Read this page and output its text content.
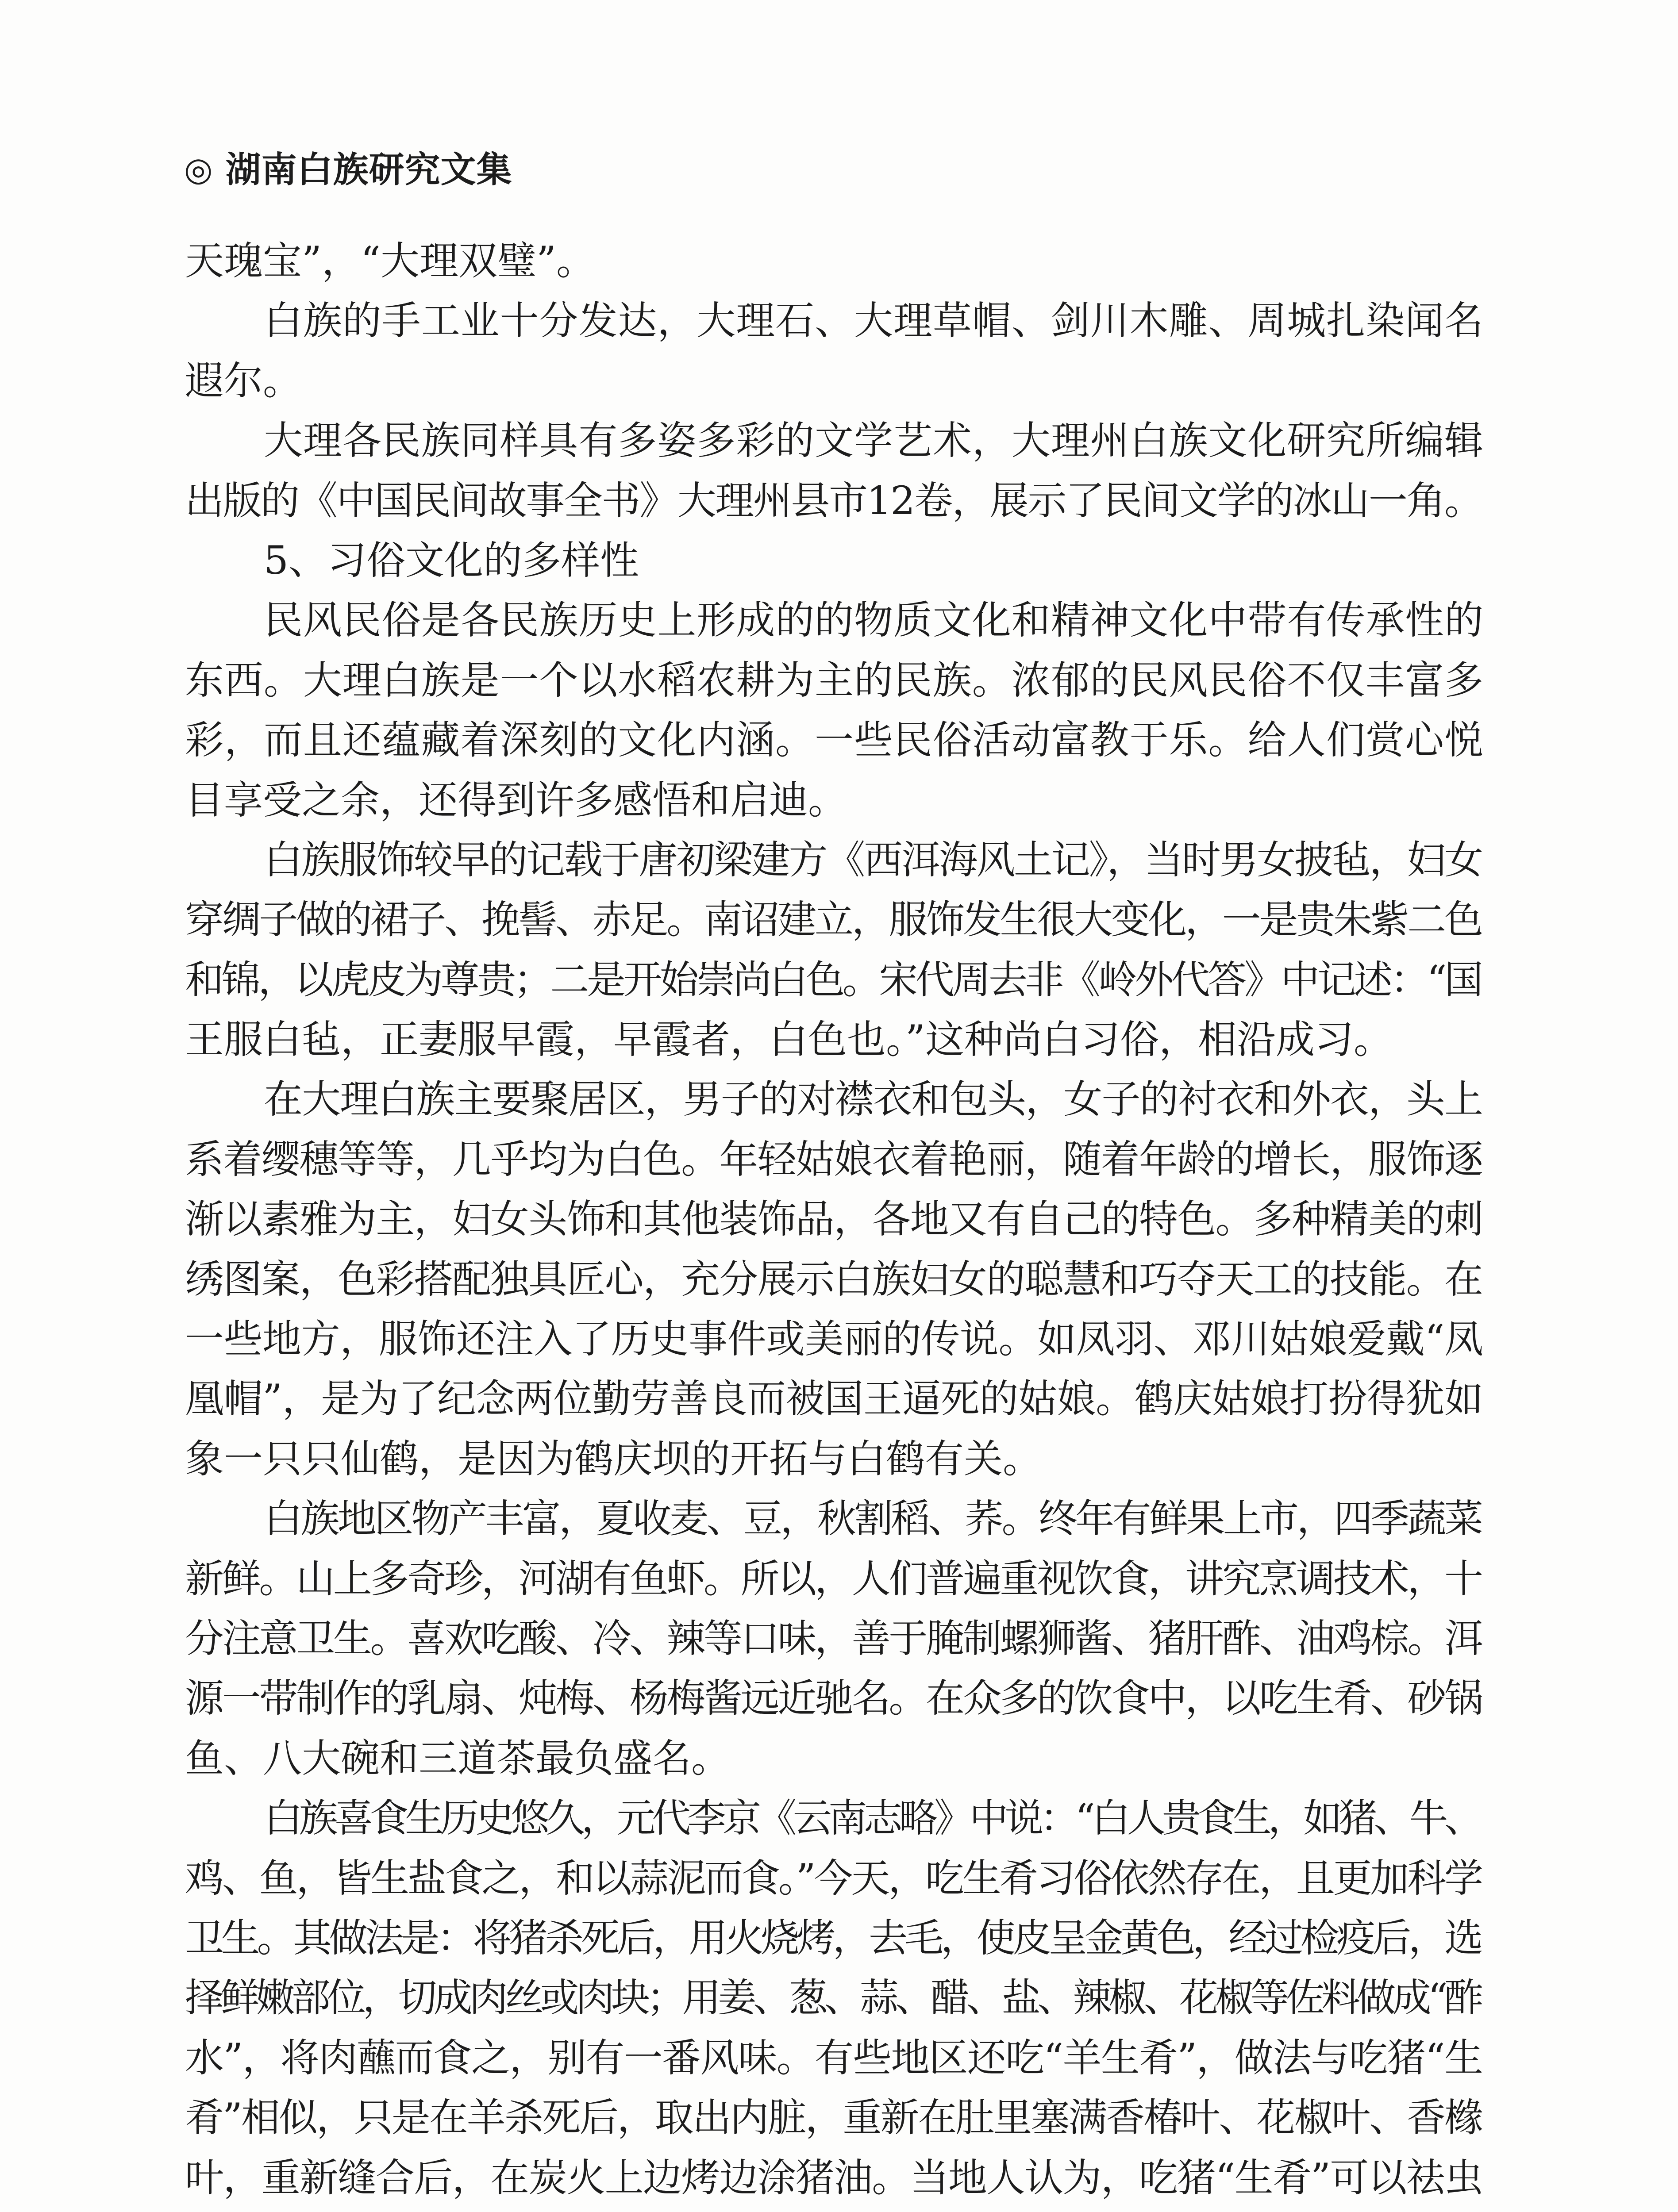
◎ 湖南白族研究文集
天瑰宝”，“大理双璧”。
白族的手工业十分发达，大理石、大理草帽、剑川木雕、周城扎染闻名
遐尔。
大理各民族同样具有多姿多彩的文学艺术，大理州白族文化研究所编辑
出版的《中国民间故事全书》大理州县市12卷，展示了民间文学的冰山一角。
5、习俗文化的多样性
民风民俗是各民族历史上形成的的物质文化和精神文化中带有传承性的
东西。大理白族是一个以水稻农耕为主的民族。浓郁的民风民俗不仅丰富多
彩，而且还蕴藏着深刻的文化内涵。一些民俗活动富教于乐。给人们赏心悦
目享受之余，还得到许多感悟和启迪。
白族服饰较早的记载于唐初梁建方《西洱海风土记》，当时男女披毡，妇女
穿绸子做的裙子、挽髻、赤足。南诏建立，服饰发生很大变化，一是贵朱紫二色
和锦，以虎皮为尊贵；二是开始崇尚白色。宋代周去非《岭外代答》中记述：“国
王服白毡，正妻服早霞，早霞者，白色也。”这种尚白习俗，相沿成习。
在大理白族主要聚居区，男子的对襟衣和包头，女子的衬衣和外衣，头上
系着缨穗等等，几乎均为白色。年轻姑娘衣着艳丽，随着年龄的增长，服饰逐
渐以素雅为主，妇女头饰和其他装饰品，各地又有自己的特色。多种精美的刺
绣图案，色彩搭配独具匠心，充分展示白族妇女的聪慧和巧夺天工的技能。在
一些地方，服饰还注入了历史事件或美丽的传说。如凤羽、邓川姑娘爱戴“凤
凰帽”，是为了纪念两位勤劳善良而被国王逼死的姑娘。鹤庆姑娘打扮得犹如
象一只只仙鹤，是因为鹤庆坝的开拓与白鹤有关。
白族地区物产丰富，夏收麦、豆，秋割稻、荞。终年有鲜果上市，四季蔬菜
新鲜。山上多奇珍，河湖有鱼虾。所以，人们普遍重视饮食，讲究烹调技术，十
分注意卫生。喜欢吃酸、冷、辣等口味，善于腌制螺狮酱、猪肝酢、油鸡棕。洱
源一带制作的乳扇、炖梅、杨梅酱远近驰名。在众多的饮食中，以吃生肴、砂锅
鱼、八大碗和三道茶最负盛名。
白族喜食生历史悠久，元代李京《云南志略》中说：“白人贵食生，如猪、牛、
鸡、鱼，皆生盐食之，和以蒜泥而食。”今天，吃生肴习俗依然存在，且更加科学
卫生。其做法是：将猪杀死后，用火烧烤，去毛，使皮呈金黄色，经过检疫后，选
择鲜嫩部位，切成肉丝或肉块；用姜、葱、蒜、醋、盐、辣椒、花椒等佐料做成“酢
水”，将肉蘸而食之，别有一番风味。有些地区还吃“羊生肴”，做法与吃猪“生
肴”相似，只是在羊杀死后，取出内脏，重新在肚里塞满香椿叶、花椒叶、香橼
叶，重新缝合后，在炭火上边烤边涂猪油。当地人认为，吃猪“生肴”可以祛虫
